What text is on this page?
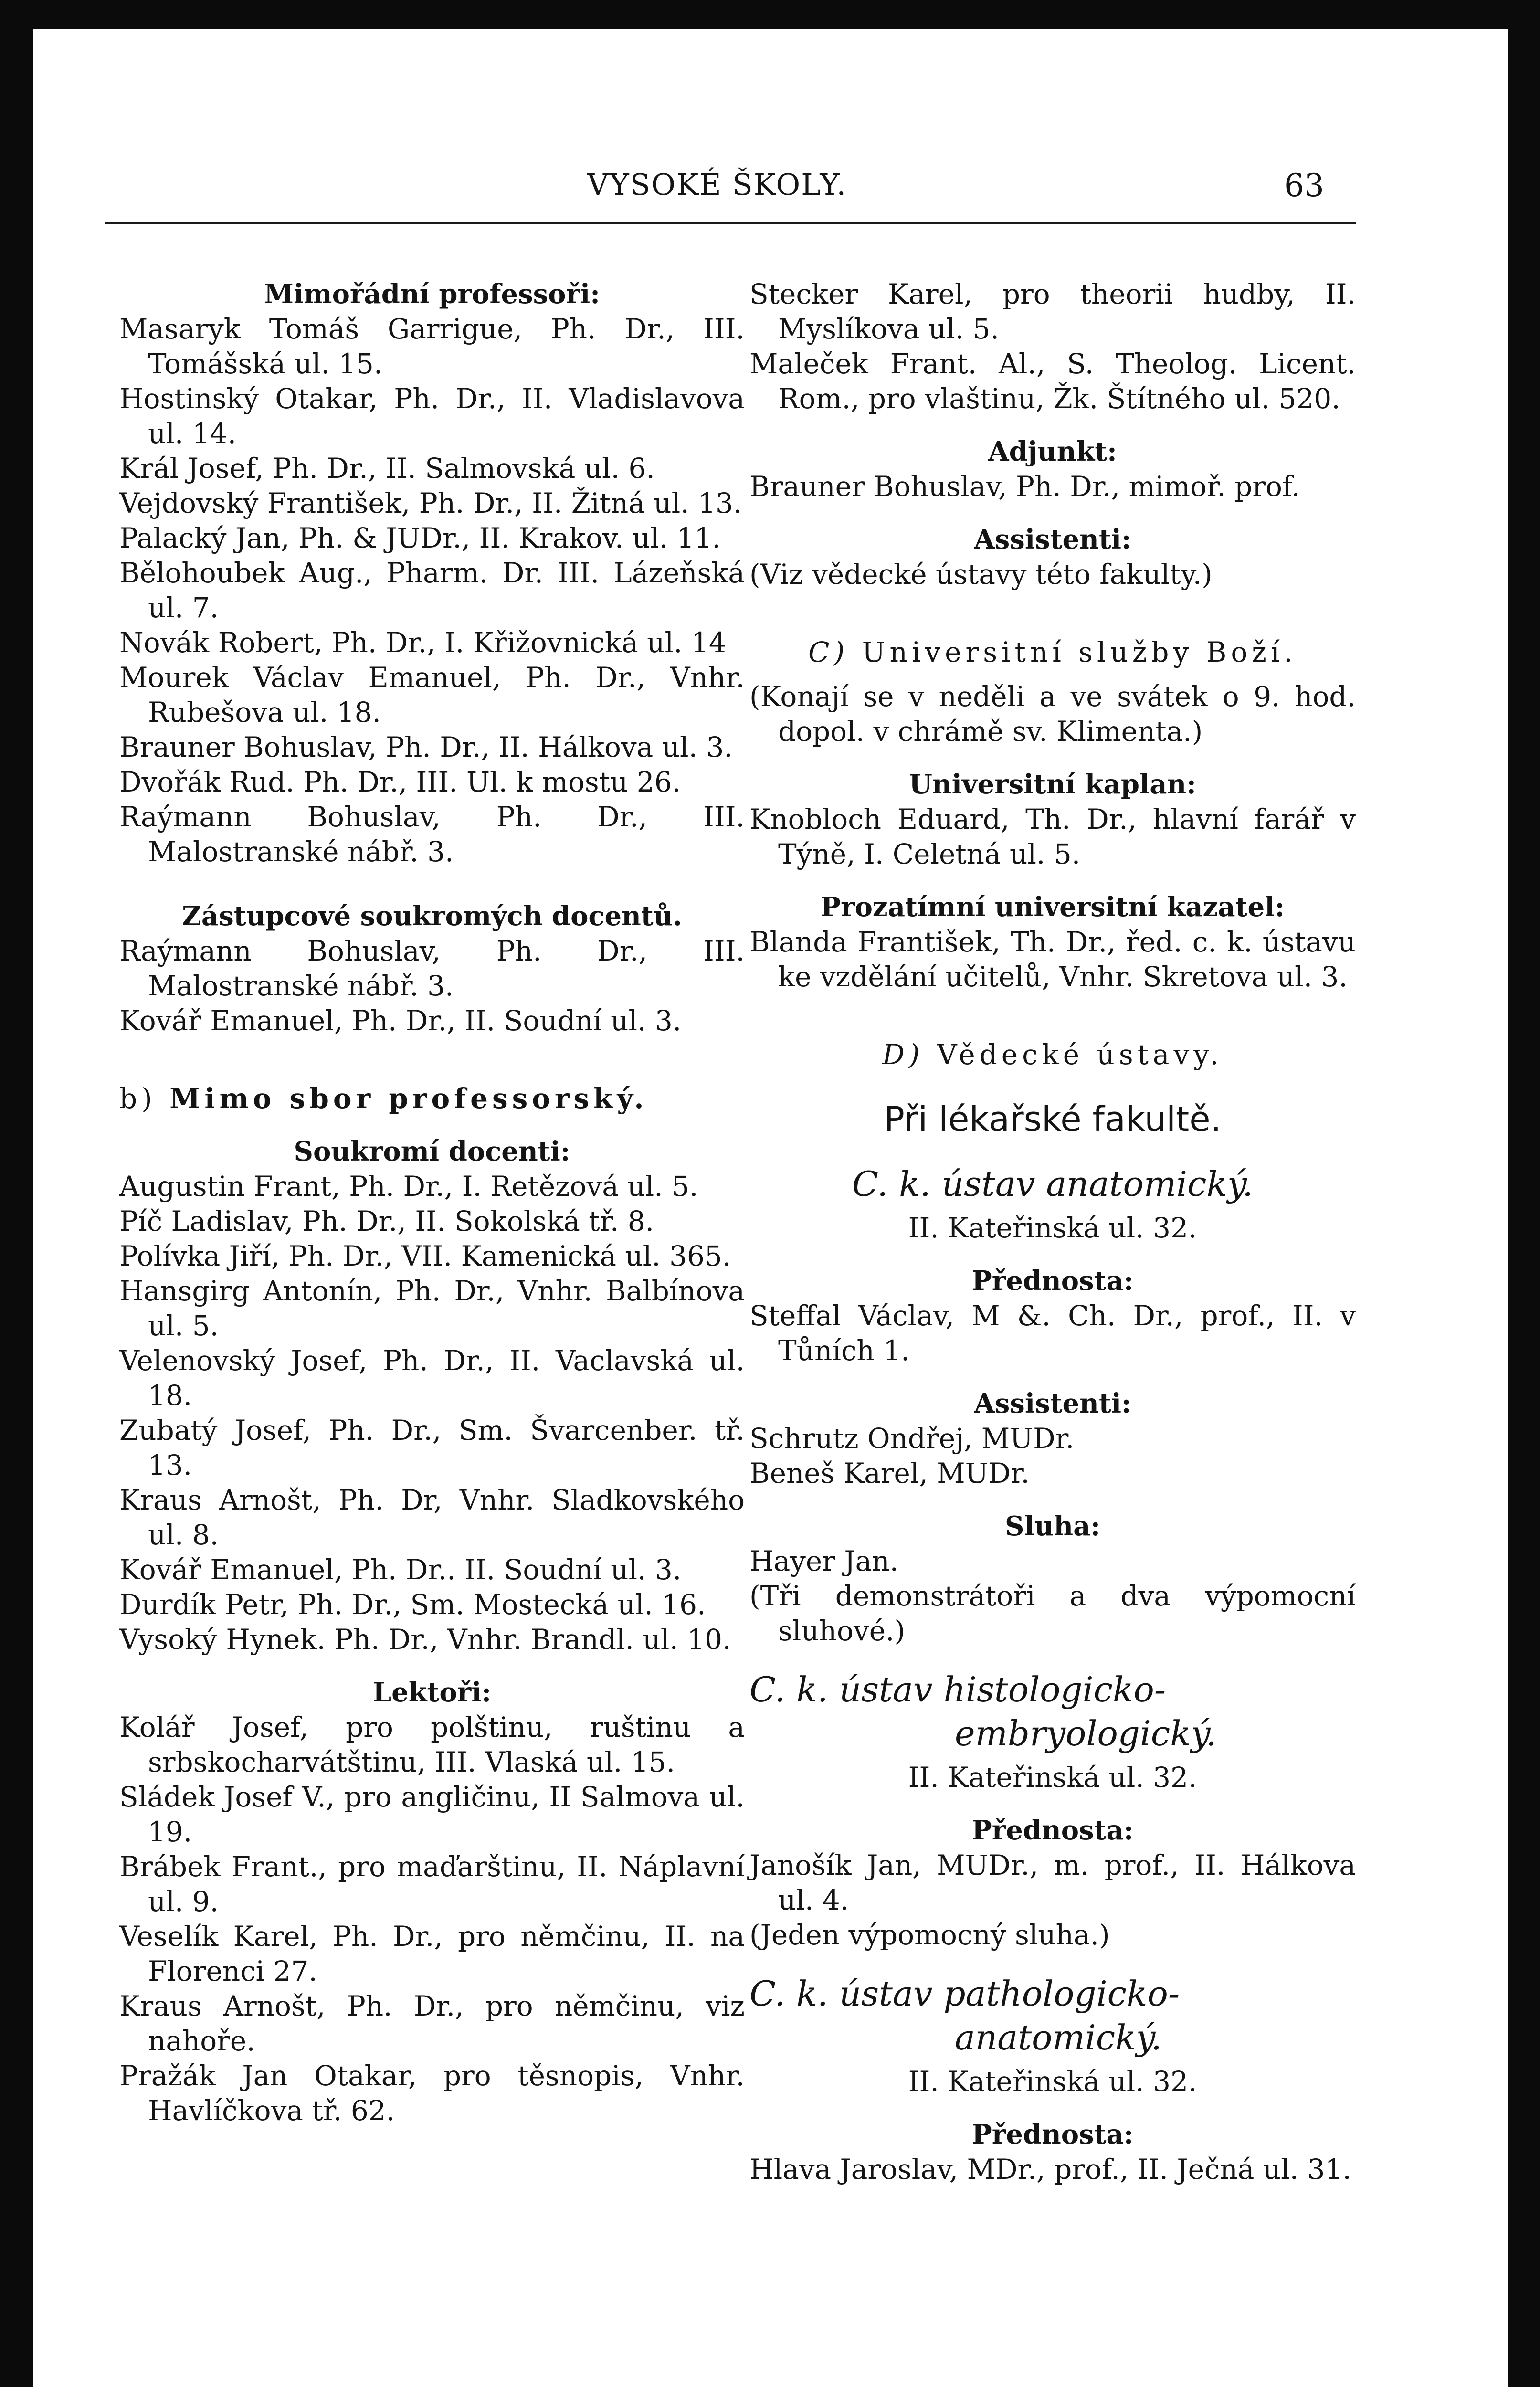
VYSOKÉ ŠKOLY.	63

Mimořádní professoři:

Masaryk Tomáš Garrigue, Ph. Dr., III. Tomášská ul. 15.

Hostinský Otakar, Ph. Dr., II. Vladislavova ul. 14.

Král Josef, Ph. Dr., II. Salmovská ul. 6.

Vejdovský František, Ph. Dr., II. Žitná ul. 13.

Palacký Jan, Ph. & JUDr., II. Krakov. ul. 11.

Bělohoubek Aug., Pharm. Dr. III. Lázeňská ul. 7.

Novák Robert, Ph. Dr., I. Křižovnická ul. 14

Mourek Václav Emanuel, Ph. Dr., Vnhr. Rubešova ul. 18.

Brauner Bohuslav, Ph. Dr., II. Hálkova ul. 3.

Dvořák Rud. Ph. Dr., III. Ul. k mostu 26.

Raýmann Bohuslav, Ph. Dr., III. Malostranské nábř. 3.

Zástupcové soukromých docentů.

Raýmann Bohuslav, Ph. Dr., III. Malostranské nábř. 3.

Kovář Emanuel, Ph. Dr., II. Soudní ul. 3.

b) Mimo sbor professorský.

Soukromí docenti:

Augustin Frant, Ph. Dr., I. Retězová ul. 5.

Píč Ladislav, Ph. Dr., II. Sokolská tř. 8.

Polívka Jiří, Ph. Dr., VII. Kamenická ul. 365.

Hansgirg Antonín, Ph. Dr., Vnhr. Balbínova ul. 5.

Velenovský Josef, Ph. Dr., II. Vaclavská ul. 18.

Zubatý Josef, Ph. Dr., Sm. Švarcenber. tř. 13.

Kraus Arnošt, Ph. Dr, Vnhr. Sladkovského ul. 8.

Kovář Emanuel, Ph. Dr.. II. Soudní ul. 3.

Durdík Petr, Ph. Dr., Sm. Mostecká ul. 16.

Vysoký Hynek. Ph. Dr., Vnhr. Brandl. ul. 10.

Lektoři:

Kolář Josef, pro polštinu, ruštinu a srbskocharvátštinu, III. Vlaská ul. 15.

Sládek Josef V., pro angličinu, II Salmova ul. 19.

Brábek Frant., pro maďarštinu, II. Náplavní ul. 9.

Veselík Karel, Ph. Dr., pro němčinu, II. na Florenci 27.

Kraus Arnošt, Ph. Dr., pro němčinu, viz nahoře.

Pražák Jan Otakar, pro těsnopis, Vnhr. Havlíčkova tř. 62.

Stecker Karel, pro theorii hudby, II. Myslíkova ul. 5.

Maleček Frant. Al., S. Theolog. Licent. Rom., pro vlaštinu, Žk. Štítného ul. 520.

Adjunkt:

Brauner Bohuslav, Ph. Dr., mimoř. prof.

Assistenti:

(Viz vědecké ústavy této fakulty.)

C) Universitní služby Boží.

(Konají se v neděli a ve svátek o 9. hod. dopol. v chrámě sv. Klimenta.)

Universitní kaplan:

Knobloch Eduard, Th. Dr., hlavní farář v Týně, I. Celetná ul. 5.

Prozatímní universitní kazatel:

Blanda František, Th. Dr., řed. c. k. ústavu ke vzdělání učitelů, Vnhr. Skretova ul. 3.

D) Vědecké ústavy.

Při lékařské fakultě.

C. k. ústav anatomický.

II. Kateřinská ul. 32.

Přednosta:

Steffal Václav, M &. Ch. Dr., prof., II. v Tůních 1.

Assistenti:

Schrutz Ondřej, MUDr.

Beneš Karel, MUDr.

Sluha:

Hayer Jan.

(Tři demonstrátoři a dva výpomocní sluhové.)

C. k. ústav histologicko-embryologický.

II. Kateřinská ul. 32.

Přednosta:

Janošík Jan, MUDr., m. prof., II. Hálkova ul. 4.

(Jeden výpomocný sluha.)

C. k. ústav pathologicko-anatomický.

II. Kateřinská ul. 32.

Přednosta:

Hlava Jaroslav, MDr., prof., II. Ječná ul. 31.
